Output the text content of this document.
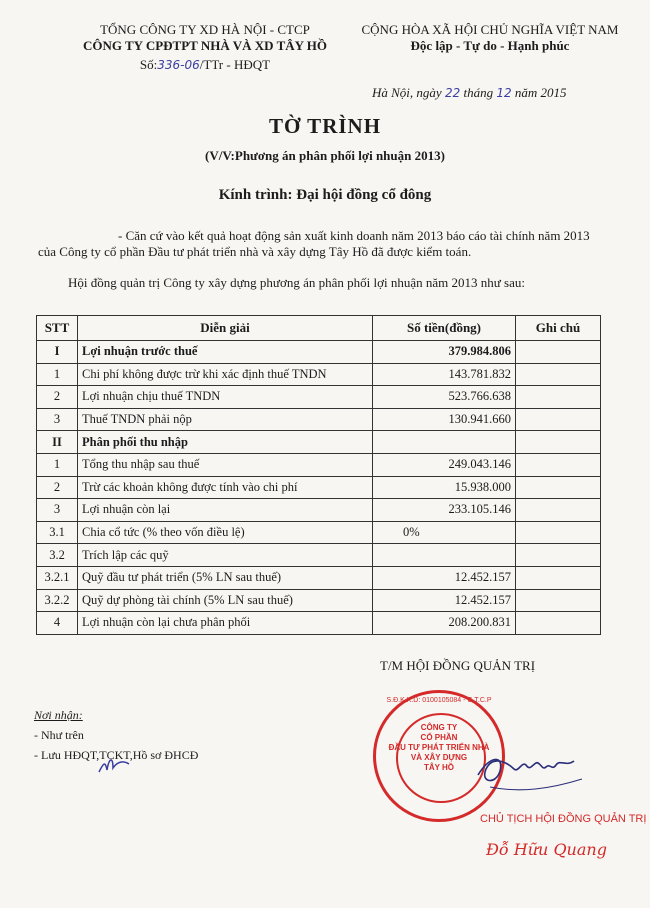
TỔNG CÔNG TY XD HÀ NỘI - CTCP
CÔNG TY CPĐTPT NHÀ VÀ XD TÂY HỒ
Số:336-06/TTr - HĐQT
CỘNG HÒA XÃ HỘI CHỦ NGHĨA VIỆT NAM
Độc lập - Tự do - Hạnh phúc
Hà Nội, ngày 22 tháng 12 năm 2015
TỜ TRÌNH
(V/V:Phương án phân phối lợi nhuận 2013)
Kính trình: Đại hội đồng cổ đông
- Căn cứ vào kết quả hoạt động sản xuất kinh doanh năm 2013 báo cáo tài chính năm 2013 của Công ty cổ phần Đầu tư phát triển nhà và xây dựng Tây Hồ đã được kiểm toán.
Hội đồng quản trị Công ty xây dựng phương án phân phối lợi nhuận năm 2013 như sau:
STT	Diễn giải	Số tiền(đồng)	Ghi chú
I	Lợi nhuận trước thuế	379.984.806	
1	Chi phí không được trừ khi xác định thuế TNDN	143.781.832	
2	Lợi nhuận chịu thuế TNDN	523.766.638	
3	Thuế TNDN phải nộp	130.941.660	
II	Phân phối thu nhập		
1	Tổng thu nhập sau thuế	249.043.146	
2	Trừ các khoản không được tính vào chi phí	15.938.000	
3	Lợi nhuận còn lại	233.105.146	
3.1	Chia cổ tức (% theo vốn điều lệ)	0%	
3.2	Trích lập các quỹ		
3.2.1	Quỹ đầu tư phát triển (5% LN sau thuế)	12.452.157	
3.2.2	Quỹ dự phòng tài chính (5% LN sau thuế)	12.452.157	
4	Lợi nhuận còn lại chưa phân phối	208.200.831	
T/M HỘI ĐỒNG QUẢN TRỊ
Nơi nhận:
- Như trên
- Lưu HĐQT,TCKT,Hồ sơ ĐHCĐ
S.Đ.K.K.D: 0100105084 - C.T.C.P
CÔNG TY
CỔ PHẦN
ĐẦU TƯ PHÁT TRIỂN NHÀ
VÀ XÂY DỰNG
TÂY HỒ
CHỦ TỊCH HỘI ĐỒNG QUẢN TRỊ
Đỗ Hữu Quang
